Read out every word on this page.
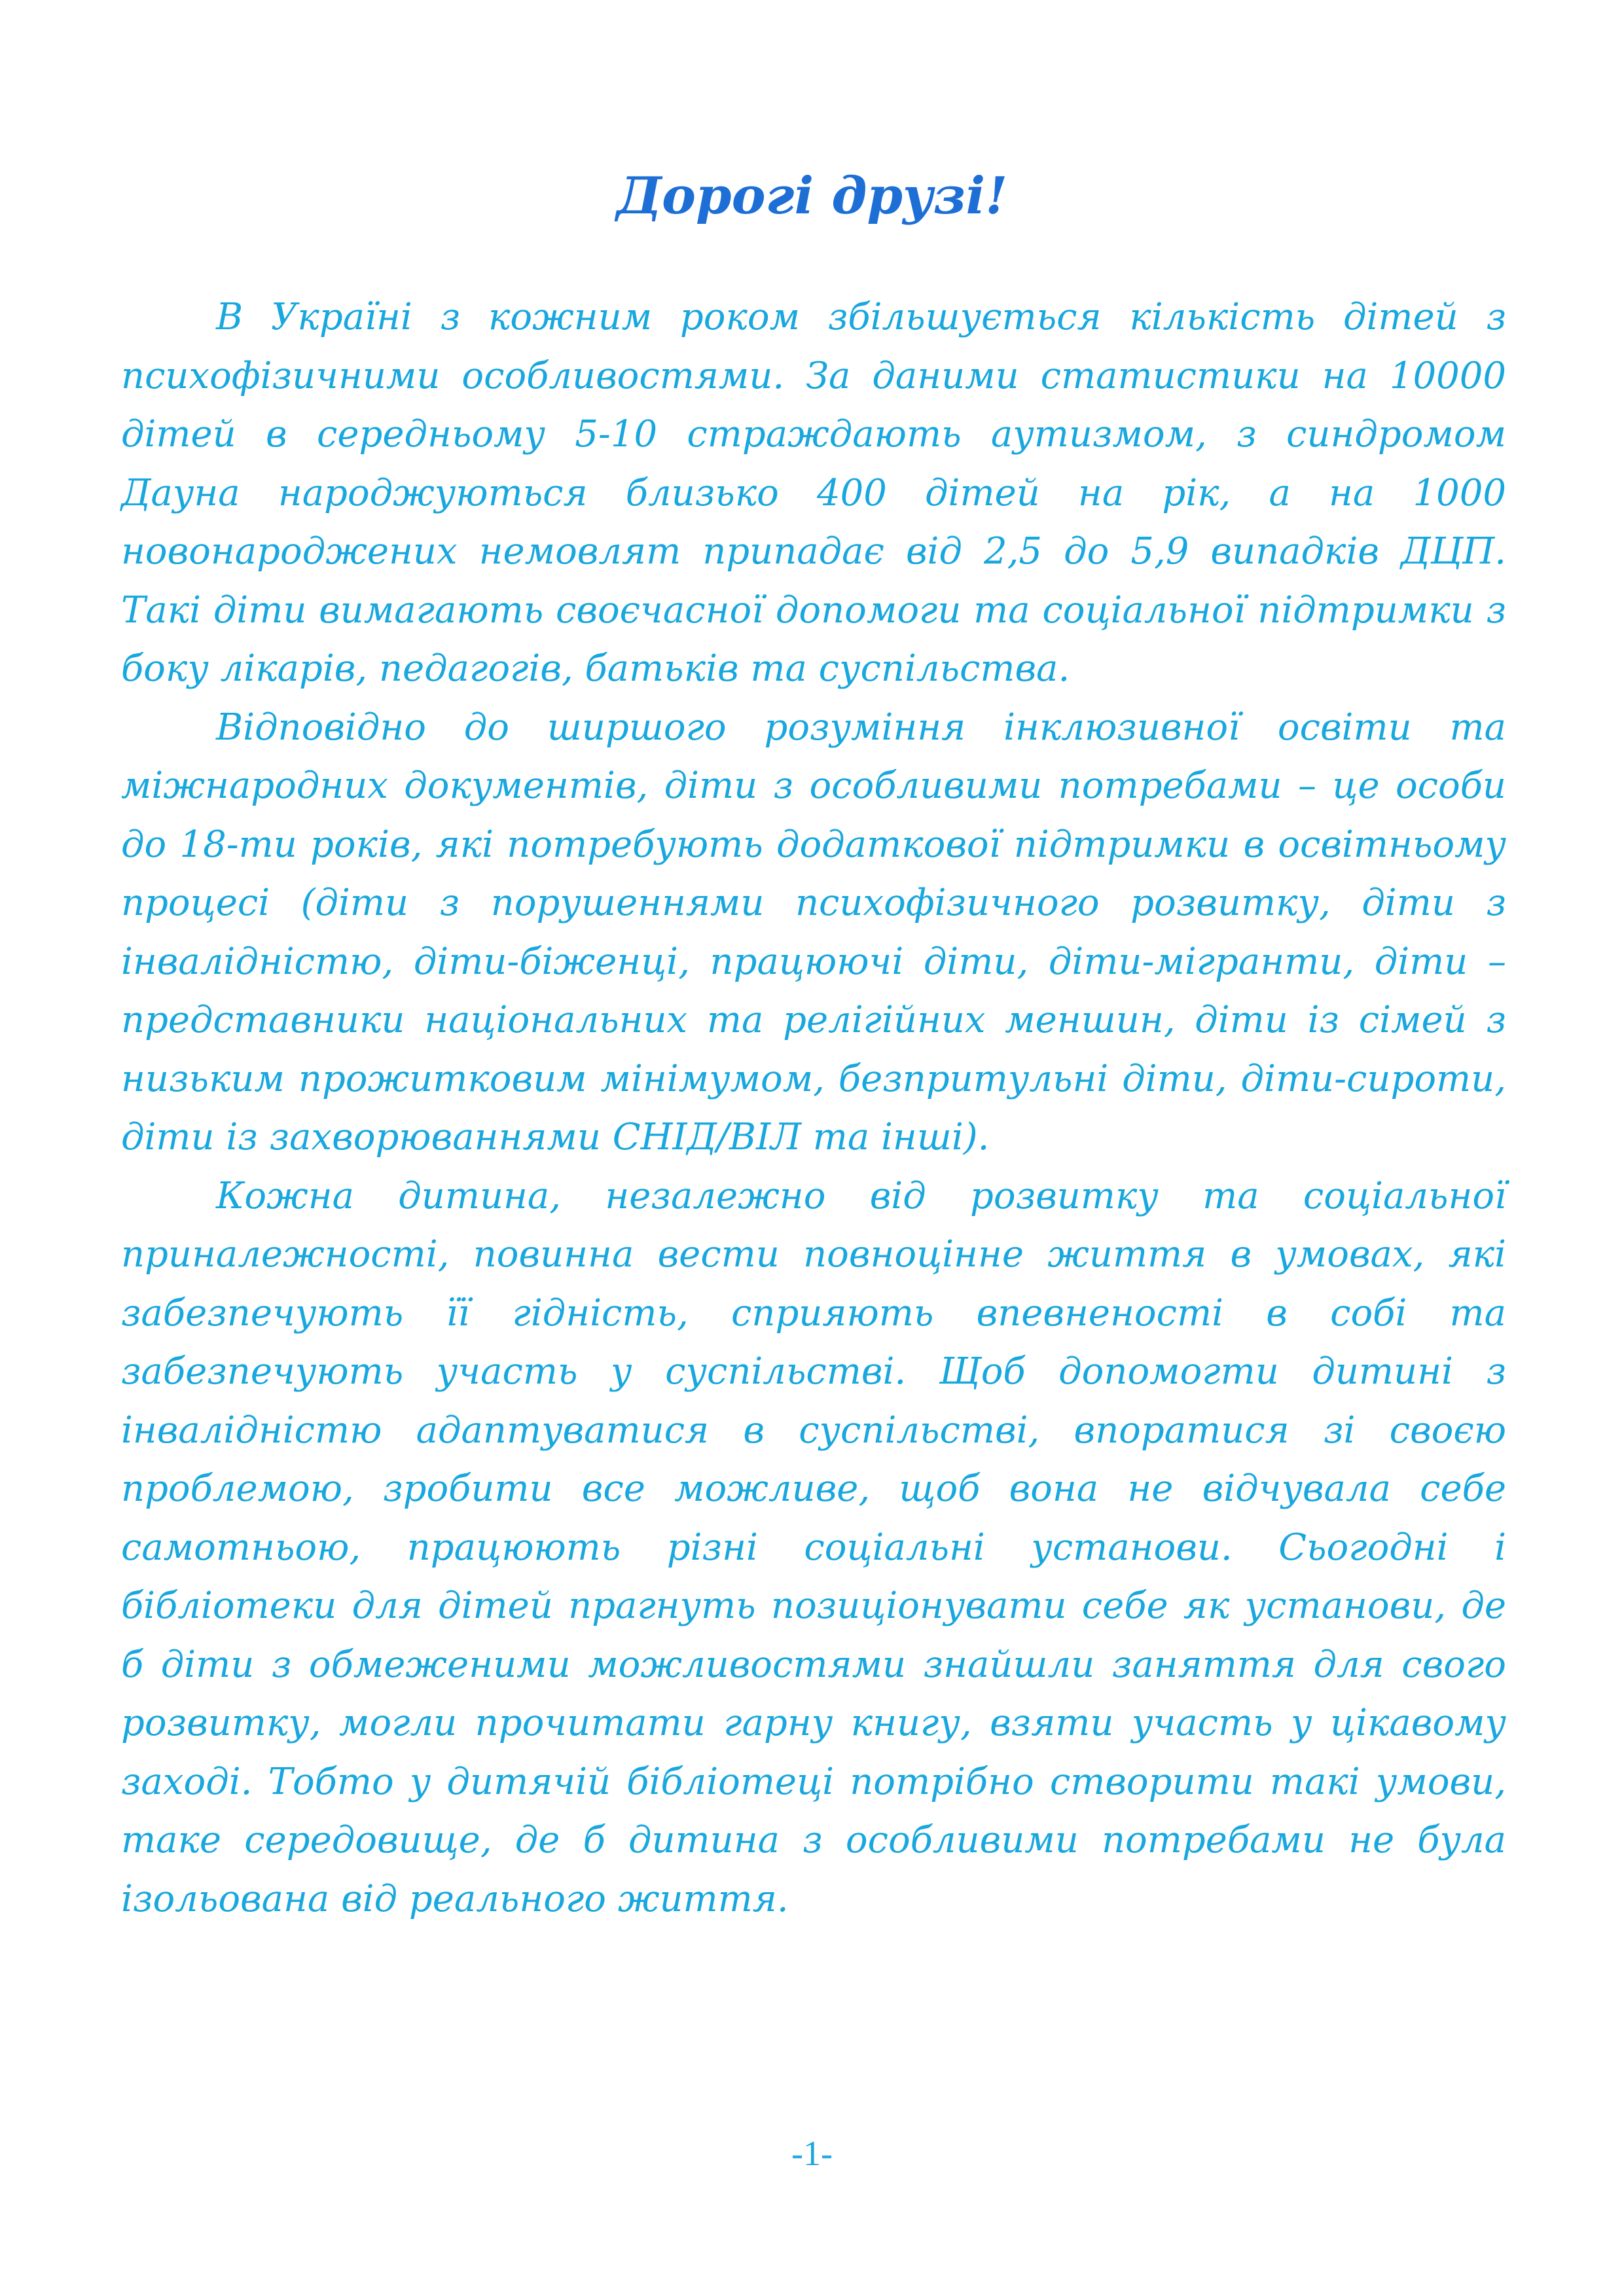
Дорогі друзі!

В Україні з кожним роком збільшується кількість дітей з психофізичними особливостями. За даними статистики на 10000 дітей в середньому 5-10 страждають аутизмом, з синдромом Дауна народжуються близько 400 дітей на рік, а на 1000 новонароджених немовлят припадає від 2,5 до 5,9 випадків ДЦП. Такі діти вимагають своєчасної допомоги та соціальної підтримки з боку лікарів, педагогів, батьків та суспільства.

Відповідно до ширшого розуміння інклюзивної освіти та міжнародних документів, діти з особливими потребами – це особи до 18-ти років, які потребують додаткової підтримки в освітньому процесі (діти з порушеннями психофізичного розвитку, діти з інвалідністю, діти-біженці, працюючі діти, діти-мігранти, діти – представники національних та релігійних меншин, діти із сімей з низьким прожитковим мінімумом, безпритульні діти, діти-сироти, діти із захворюваннями СНІД/ВІЛ та інші).

Кожна дитина, незалежно від розвитку та соціальної приналежності, повинна вести повноцінне життя в умовах, які забезпечують її гідність, сприяють впевненості в собі та забезпечують участь у суспільстві. Щоб допомогти дитині з інвалідністю адаптуватися в суспільстві, впоратися зі своєю проблемою, зробити все можливе, щоб вона не відчувала себе самотньою, працюють різні соціальні установи. Сьогодні і бібліотеки для дітей прагнуть позиціонувати себе як установи, де б діти з обмеженими можливостями знайшли заняття для свого розвитку, могли прочитати гарну книгу, взяти участь у цікавому заході. Тобто у дитячій бібліотеці потрібно створити такі умови, таке середовище, де б дитина з особливими потребами не була ізольована від реального життя.

-1-
